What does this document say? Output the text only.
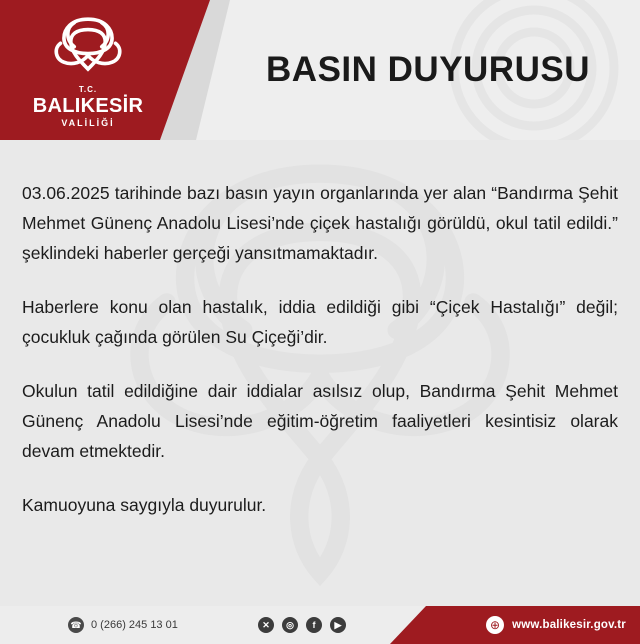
T.C.
BALIKESİR
VALİLİĞİ
BASIN DUYURUSU

03.06.2025 tarihinde bazı basın yayın organlarında yer alan “Bandırma Şehit Mehmet Günenç Anadolu Lisesi’nde çiçek hastalığı görüldü, okul tatil edildi.” şeklindeki haberler gerçeği yansıtmamaktadır.

Haberlere konu olan hastalık, iddia edildiği gibi “Çiçek Hastalığı” değil; çocukluk çağında görülen Su Çiçeği’dir.

Okulun tatil edildiğine dair iddialar asılsız olup, Bandırma Şehit Mehmet Günenç Anadolu Lisesi’nde eğitim-öğretim faaliyetleri kesintisiz olarak devam etmektedir.

Kamuoyuna saygıyla duyurulur.

☎ 0 (266) 245 13 01	✕	◎	f	▶	⊕	www.balikesir.gov.tr
